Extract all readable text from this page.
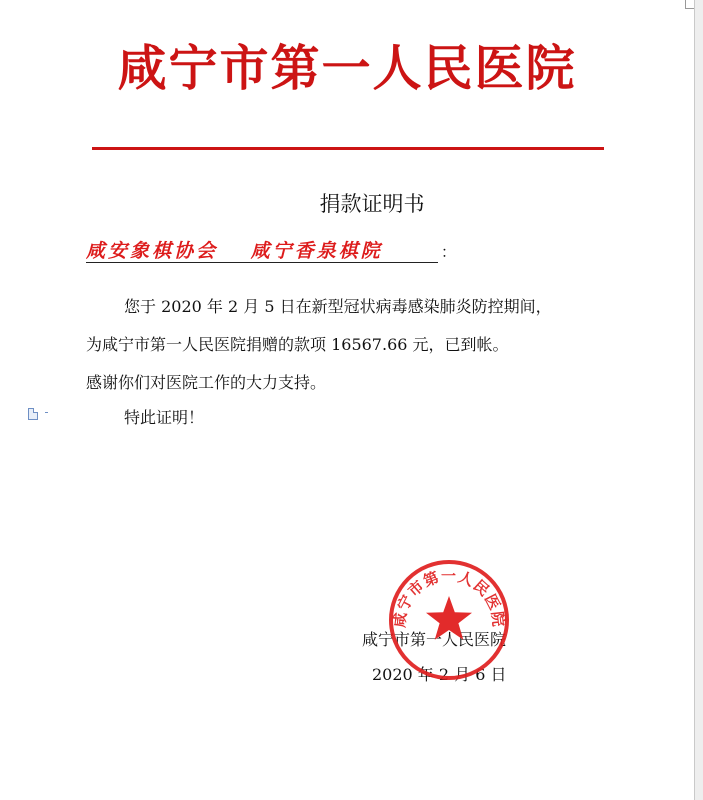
咸宁市第一人民医院
捐款证明书
咸安象棋协会 咸宁香泉棋院	：
您于 2020 年 2 月 5 日在新型冠状病毒感染肺炎防控期间，
为咸宁市第一人民医院捐赠的款项 16567.66 元，已到帐。
感谢你们对医院工作的大力支持。
特此证明！
咸宁市第一人民医院
2020 年 2 月 6 日
咸宁市第一人民医院
